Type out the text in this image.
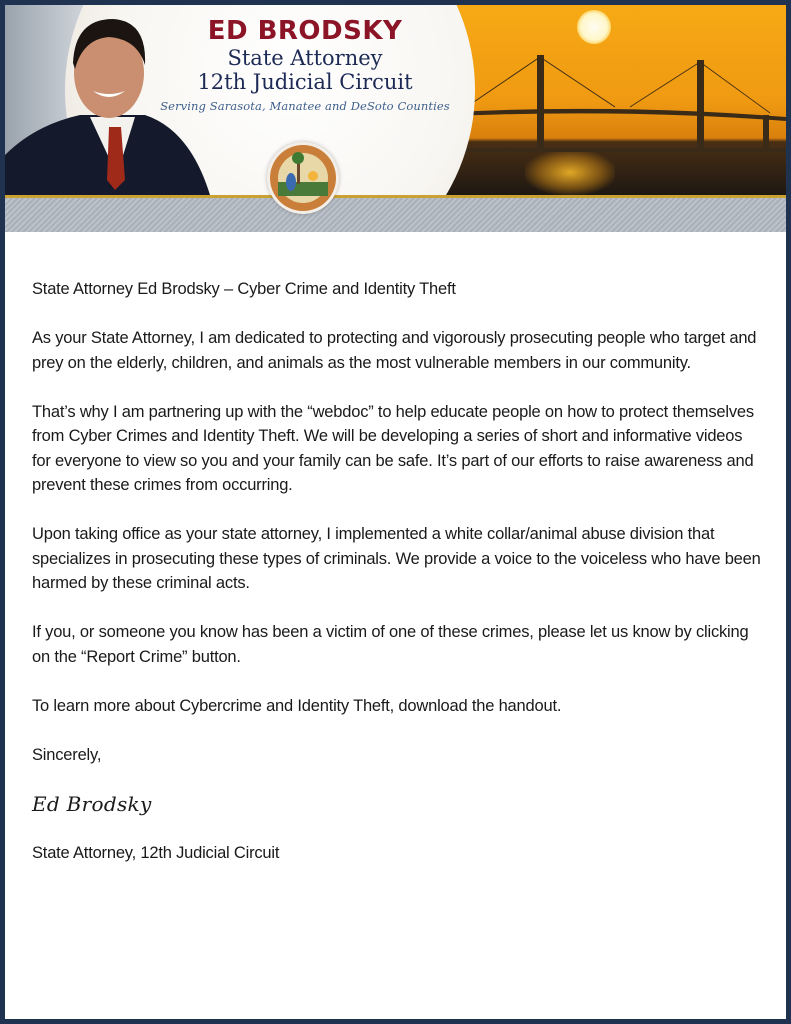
ED BRODSKY
State Attorney
12th Judicial Circuit
Serving Sarasota, Manatee and DeSoto Counties

State Attorney Ed Brodsky – Cyber Crime and Identity Theft

As your State Attorney, I am dedicated to protecting and vigorously prosecuting people who target and prey on the elderly, children, and animals as the most vulnerable members in our community.

That’s why I am partnering up with the “webdoc” to help educate people on how to protect themselves from Cyber Crimes and Identity Theft. We will be developing a series of short and informative videos for everyone to view so you and your family can be safe. It’s part of our efforts to raise awareness and prevent these crimes from occurring.

Upon taking office as your state attorney, I implemented a white collar/animal abuse division that specializes in prosecuting these types of criminals. We provide a voice to the voiceless who have been harmed by these criminal acts.

If you, or someone you know has been a victim of one of these crimes, please let us know by clicking on the “Report Crime” button.

To learn more about Cybercrime and Identity Theft, download the handout.

Sincerely,

Ed Brodsky

State Attorney, 12th Judicial Circuit
